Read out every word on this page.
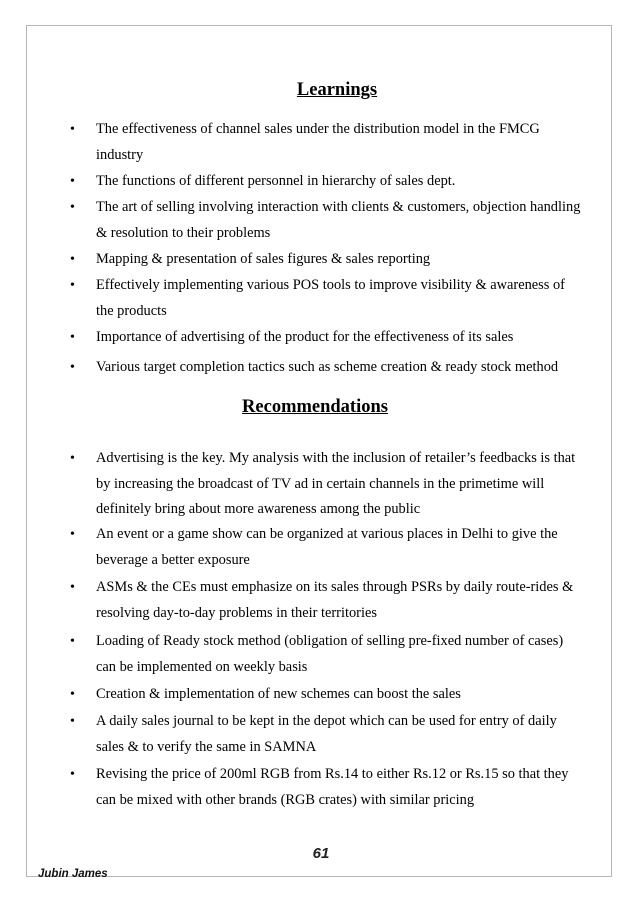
Learnings
• The effectiveness of channel sales under the distribution model in the FMCG industry
• The functions of different personnel in hierarchy of sales dept.
• The art of selling involving interaction with clients & customers, objection handling & resolution to their problems
• Mapping & presentation of sales figures & sales reporting
• Effectively implementing various POS tools to improve visibility & awareness of the products
• Importance of advertising of the product for the effectiveness of its sales
• Various target completion tactics such as scheme creation & ready stock method
Recommendations
• Advertising is the key. My analysis with the inclusion of retailer’s feedbacks is that by increasing the broadcast of TV ad in certain channels in the primetime will definitely bring about more awareness among the public
• An event or a game show can be organized at various places in Delhi to give the beverage a better exposure
• ASMs & the CEs must emphasize on its sales through PSRs by daily route-rides & resolving day-to-day problems in their territories
• Loading of Ready stock method (obligation of selling pre-fixed number of cases) can be implemented on weekly basis
• Creation & implementation of new schemes can boost the sales
• A daily sales journal to be kept in the depot which can be used for entry of daily sales & to verify the same in SAMNA
• Revising the price of 200ml RGB from Rs.14 to either Rs.12 or Rs.15 so that they can be mixed with other brands (RGB crates) with similar pricing
61
Jubin James
